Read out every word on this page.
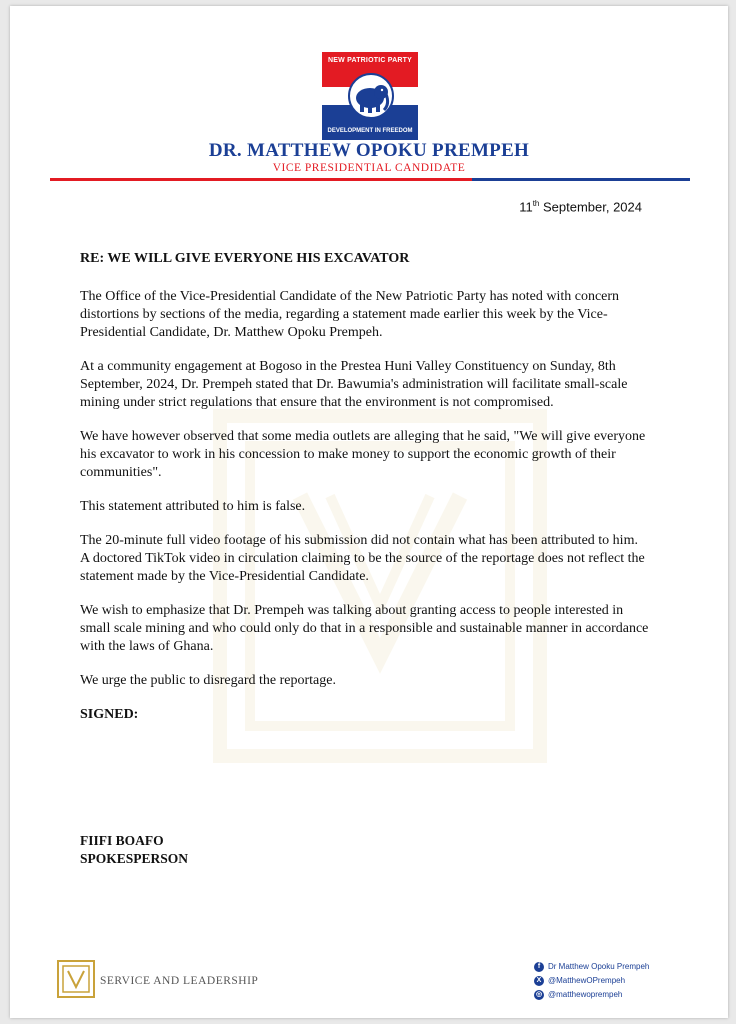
NEW PATRIOTIC PARTY
DEVELOPMENT IN FREEDOM
DR. MATTHEW OPOKU PREMPEH
VICE PRESIDENTIAL CANDIDATE
11th September, 2024

RE: WE WILL GIVE EVERYONE HIS EXCAVATOR

The Office of the Vice-Presidential Candidate of the New Patriotic Party has noted with concern distortions by sections of the media, regarding a statement made earlier this week by the Vice-Presidential Candidate, Dr. Matthew Opoku Prempeh.

At a community engagement at Bogoso in the Prestea Huni Valley Constituency on Sunday, 8th September, 2024, Dr. Prempeh stated that Dr. Bawumia's administration will facilitate small-scale mining under strict regulations that ensure that the environment is not compromised.

We have however observed that some media outlets are alleging that he said, "We will give everyone his excavator to work in his concession to make money to support the economic growth of their communities".

This statement attributed to him is false.

The 20-minute full video footage of his submission did not contain what has been attributed to him. A doctored TikTok video in circulation claiming to be the source of the reportage does not reflect the statement made by the Vice-Presidential Candidate.

We wish to emphasize that Dr. Prempeh was talking about granting access to people interested in small scale mining and who could only do that in a responsible and sustainable manner in accordance with the laws of Ghana.

We urge the public to disregard the reportage.

SIGNED:

FIIFI BOAFO
SPOKESPERSON
SERVICE AND LEADERSHIP
f Dr Matthew Opoku Prempeh
X @MatthewOPrempeh
◎ @matthewoprempeh
